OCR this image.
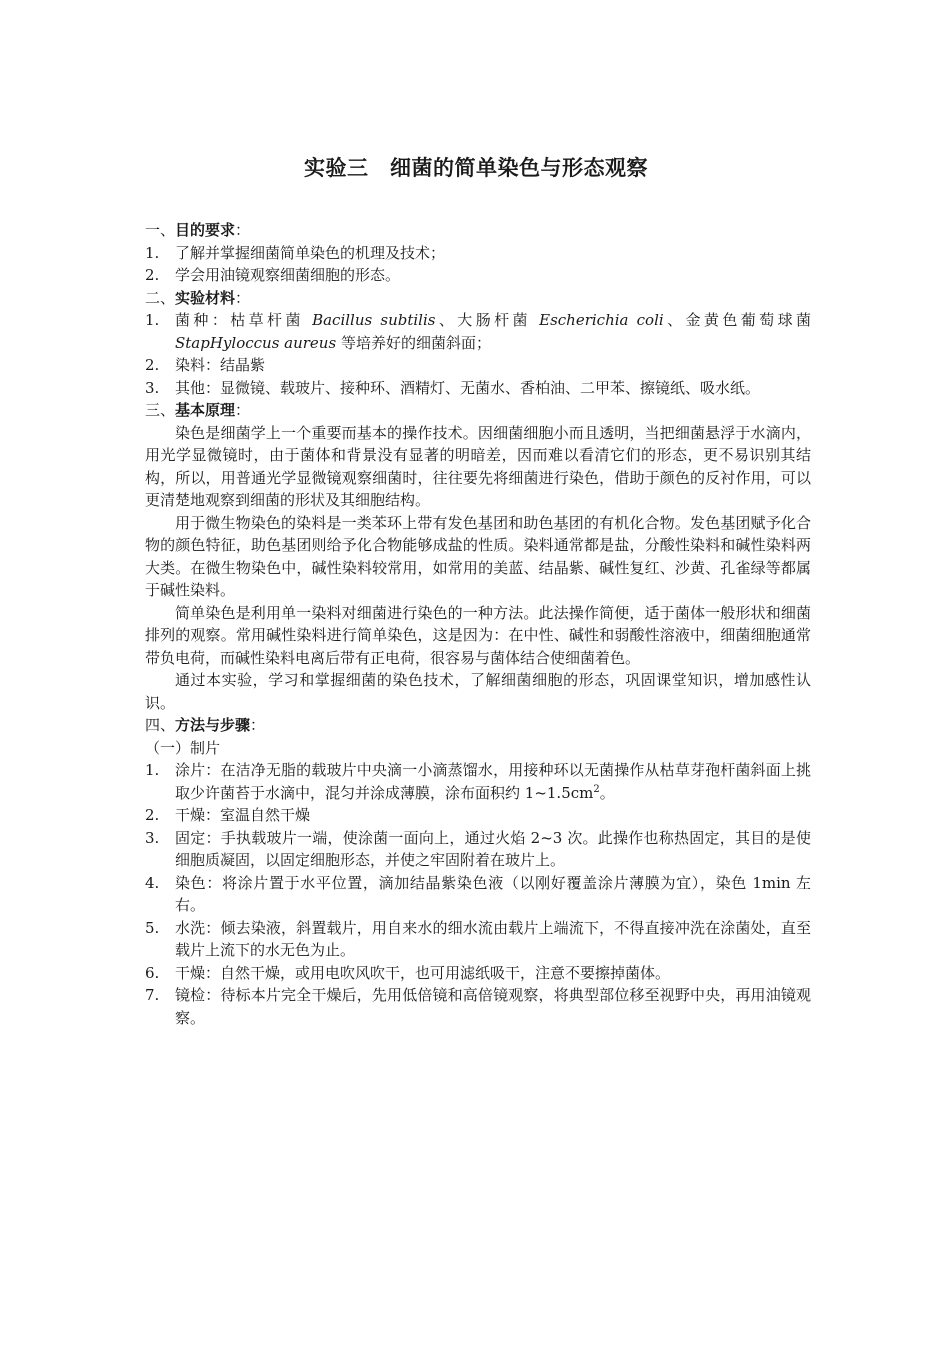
实验三　细菌的简单染色与形态观察
一、目的要求：
1. 了解并掌握细菌简单染色的机理及技术；
2. 学会用油镜观察细菌细胞的形态。
二、实验材料：
1. 菌种：枯草杆菌 Bacillus subtilis、大肠杆菌 Escherichia coli、金黄色葡萄球菌 StapHyloccus aureus 等培养好的细菌斜面；
2. 染料：结晶紫
3. 其他：显微镜、载玻片、接种环、酒精灯、无菌水、香柏油、二甲苯、擦镜纸、吸水纸。
三、基本原理：
染色是细菌学上一个重要而基本的操作技术。因细菌细胞小而且透明，当把细菌悬浮于水滴内，用光学显微镜时，由于菌体和背景没有显著的明暗差，因而难以看清它们的形态，更不易识别其结构，所以，用普通光学显微镜观察细菌时，往往要先将细菌进行染色，借助于颜色的反衬作用，可以更清楚地观察到细菌的形状及其细胞结构。
用于微生物染色的染料是一类苯环上带有发色基团和助色基团的有机化合物。发色基团赋予化合物的颜色特征，助色基团则给予化合物能够成盐的性质。染料通常都是盐，分酸性染料和碱性染料两大类。在微生物染色中，碱性染料较常用，如常用的美蓝、结晶紫、碱性复红、沙黄、孔雀绿等都属于碱性染料。
简单染色是利用单一染料对细菌进行染色的一种方法。此法操作简便，适于菌体一般形状和细菌排列的观察。常用碱性染料进行简单染色，这是因为：在中性、碱性和弱酸性溶液中，细菌细胞通常带负电荷，而碱性染料电离后带有正电荷，很容易与菌体结合使细菌着色。
通过本实验，学习和掌握细菌的染色技术，了解细菌细胞的形态，巩固课堂知识，增加感性认识。
四、方法与步骤：
（一）制片
1. 涂片：在洁净无脂的载玻片中央滴一小滴蒸馏水，用接种环以无菌操作从枯草芽孢杆菌斜面上挑取少许菌苔于水滴中，混匀并涂成薄膜，涂布面积约 $1\sim 1.5cm^2$。
2. 干燥：室温自然干燥
3. 固定：手执载玻片一端，使涂菌一面向上，通过火焰 2~3 次。此操作也称热固定，其目的是使细胞质凝固，以固定细胞形态，并使之牢固附着在玻片上。
4. 染色：将涂片置于水平位置，滴加结晶紫染色液（以刚好覆盖涂片薄膜为宜），染色 1min 左右。
5. 水洗：倾去染液，斜置载片，用自来水的细水流由载片上端流下，不得直接冲洗在涂菌处，直至载片上流下的水无色为止。
6. 干燥：自然干燥，或用电吹风吹干，也可用滤纸吸干，注意不要擦掉菌体。
7. 镜检：待标本片完全干燥后，先用低倍镜和高倍镜观察，将典型部位移至视野中央，再用油镜观察。
